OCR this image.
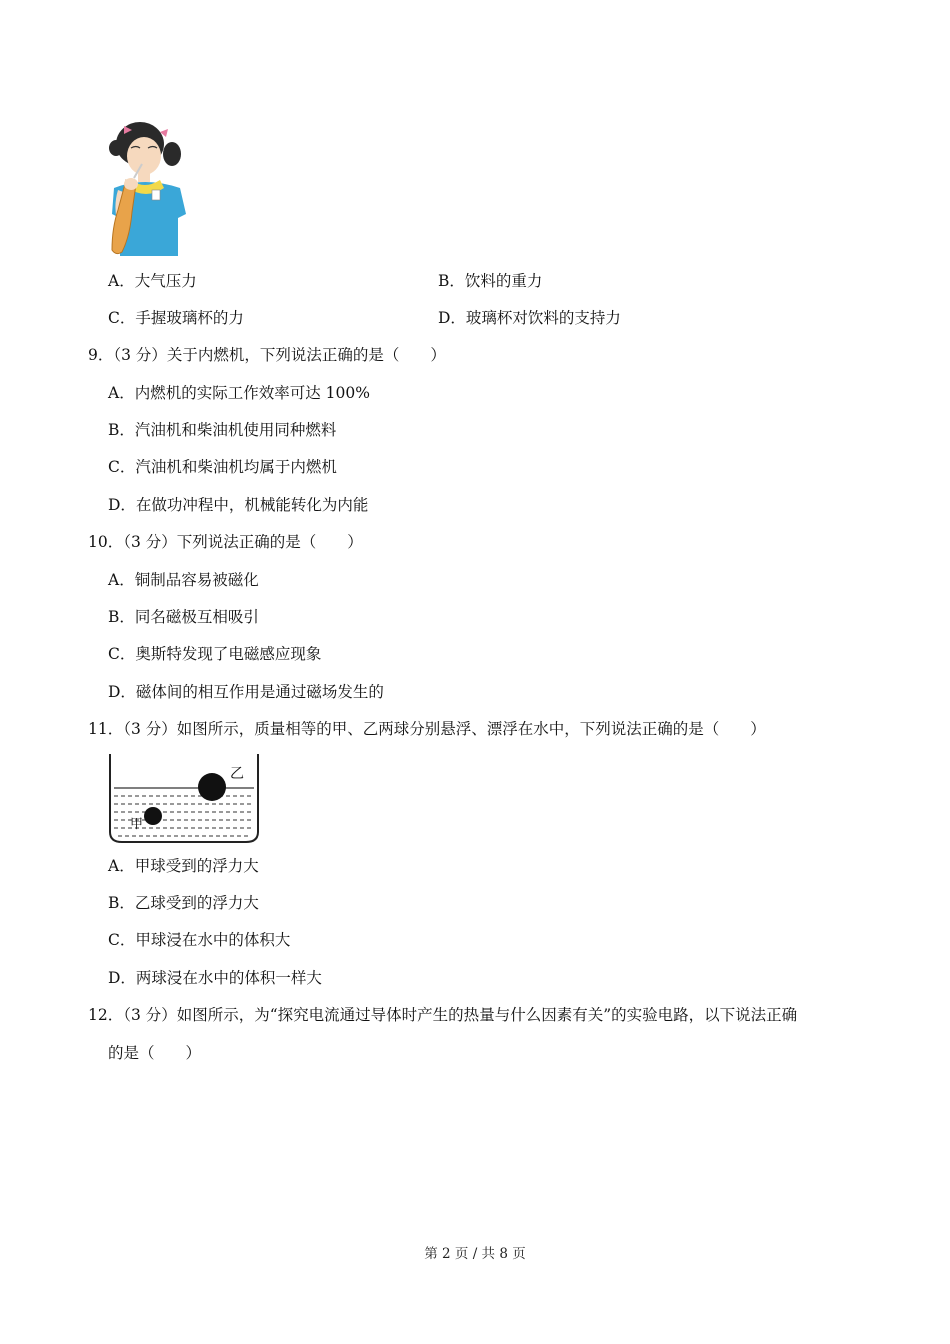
A．大气压力	B．饮料的重力
C．手握玻璃杯的力	D．玻璃杯对饮料的支持力
9．（3 分）关于内燃机，下列说法正确的是（　　）
A．内燃机的实际工作效率可达 100%
B．汽油机和柴油机使用同种燃料
C．汽油机和柴油机均属于内燃机
D．在做功冲程中，机械能转化为内能
10．（3 分）下列说法正确的是（　　）
A．铜制品容易被磁化
B．同名磁极互相吸引
C．奥斯特发现了电磁感应现象
D．磁体间的相互作用是通过磁场发生的
11．（3 分）如图所示，质量相等的甲、乙两球分别悬浮、漂浮在水中，下列说法正确的是（　　）
乙
甲
A．甲球受到的浮力大
B．乙球受到的浮力大
C．甲球浸在水中的体积大
D．两球浸在水中的体积一样大
12．（3 分）如图所示，为“探究电流通过导体时产生的热量与什么因素有关”的实验电路，以下说法正确
的是（　　）
第 2 页 / 共 8 页
